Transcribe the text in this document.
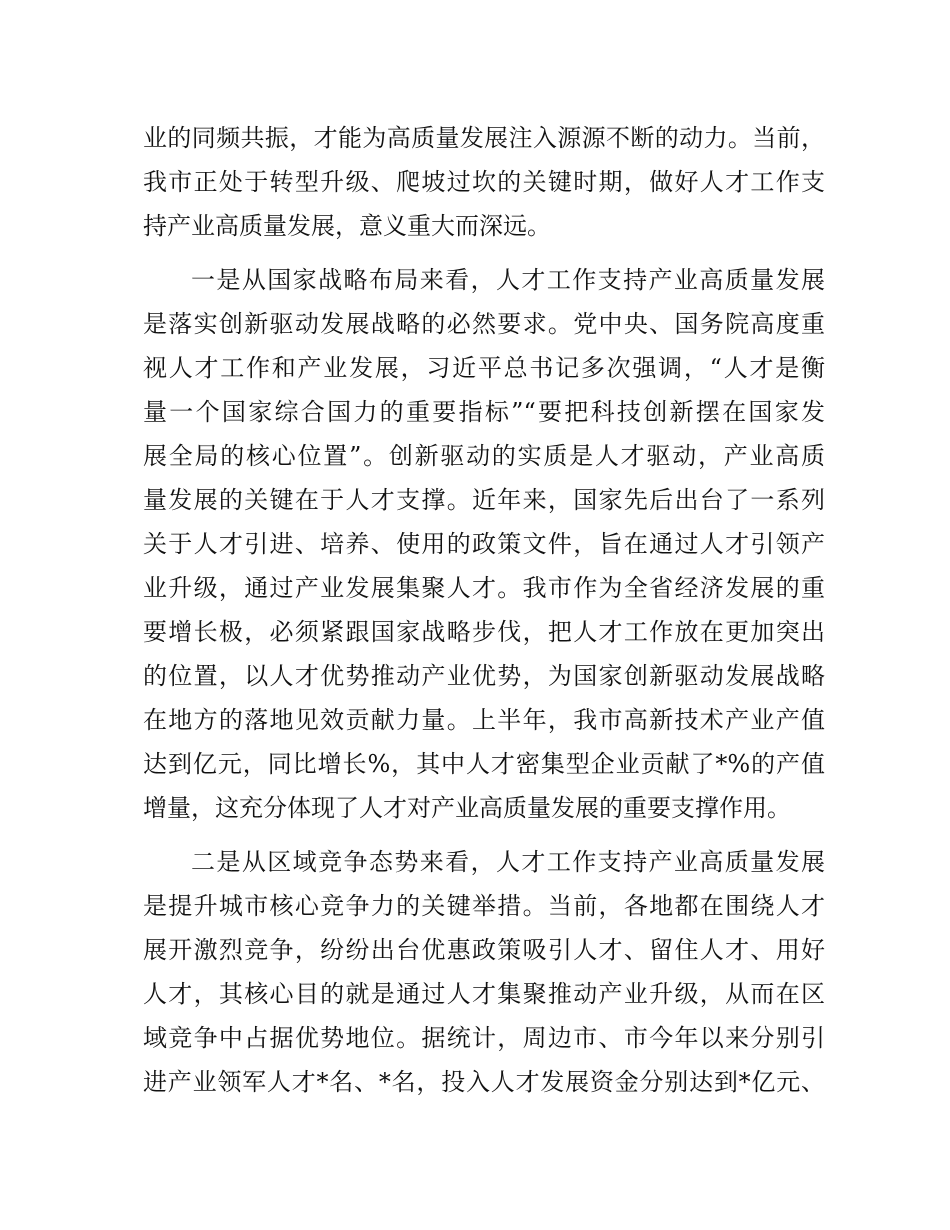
业的同频共振，才能为高质量发展注入源源不断的动力。当前，
我市正处于转型升级、爬坡过坎的关键时期，做好人才工作支
持产业高质量发展，意义重大而深远。
一是从国家战略布局来看，人才工作支持产业高质量发展
是落实创新驱动发展战略的必然要求。党中央、国务院高度重
视人才工作和产业发展，习近平总书记多次强调，“人才是衡
量一个国家综合国力的重要指标”“要把科技创新摆在国家发
展全局的核心位置”。创新驱动的实质是人才驱动，产业高质
量发展的关键在于人才支撑。近年来，国家先后出台了一系列
关于人才引进、培养、使用的政策文件，旨在通过人才引领产
业升级，通过产业发展集聚人才。我市作为全省经济发展的重
要增长极，必须紧跟国家战略步伐，把人才工作放在更加突出
的位置，以人才优势推动产业优势，为国家创新驱动发展战略
在地方的落地见效贡献力量。上半年，我市高新技术产业产值
达到亿元，同比增长%，其中人才密集型企业贡献了*%的产值
增量，这充分体现了人才对产业高质量发展的重要支撑作用。
二是从区域竞争态势来看，人才工作支持产业高质量发展
是提升城市核心竞争力的关键举措。当前，各地都在围绕人才
展开激烈竞争，纷纷出台优惠政策吸引人才、留住人才、用好
人才，其核心目的就是通过人才集聚推动产业升级，从而在区
域竞争中占据优势地位。据统计，周边市、市今年以来分别引
进产业领军人才*名、*名，投入人才发展资金分别达到*亿元、
